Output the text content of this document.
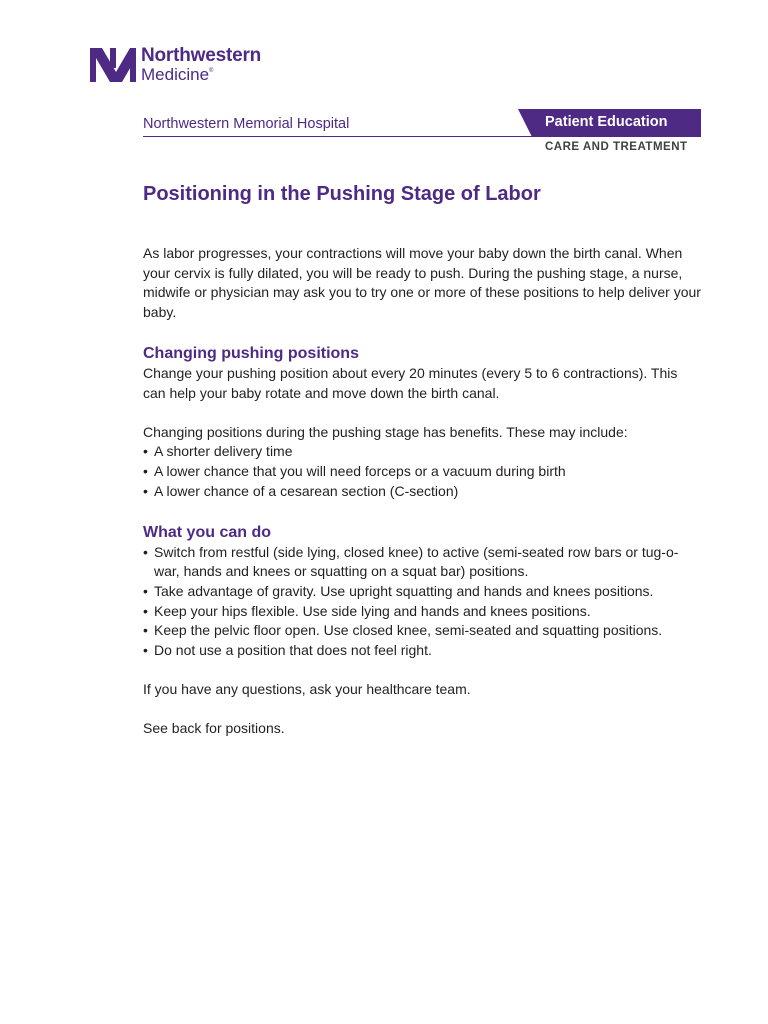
Northwestern
Medicine®
Northwestern Memorial Hospital	Patient Education
CARE AND TREATMENT
Positioning in the Pushing Stage of Labor

As labor progresses, your contractions will move your baby down the birth canal. When your cervix is fully dilated, you will be ready to push. During the pushing stage, a nurse, midwife or physician may ask you to try one or more of these positions to help deliver your baby.

Changing pushing positions

Change your pushing position about every 20 minutes (every 5 to 6 contractions). This can help your baby rotate and move down the birth canal.

Changing positions during the pushing stage has benefits. These may include:

• A shorter delivery time
• A lower chance that you will need forceps or a vacuum during birth
• A lower chance of a cesarean section (C-section)
What you can do
• Switch from restful (side lying, closed knee) to active (semi-seated row bars or tug-o-war, hands and knees or squatting on a squat bar) positions.
• Take advantage of gravity. Use upright squatting and hands and knees positions.
• Keep your hips flexible. Use side lying and hands and knees positions.
• Keep the pelvic floor open. Use closed knee, semi-seated and squatting positions.
• Do not use a position that does not feel right.

If you have any questions, ask your healthcare team.

See back for positions.
